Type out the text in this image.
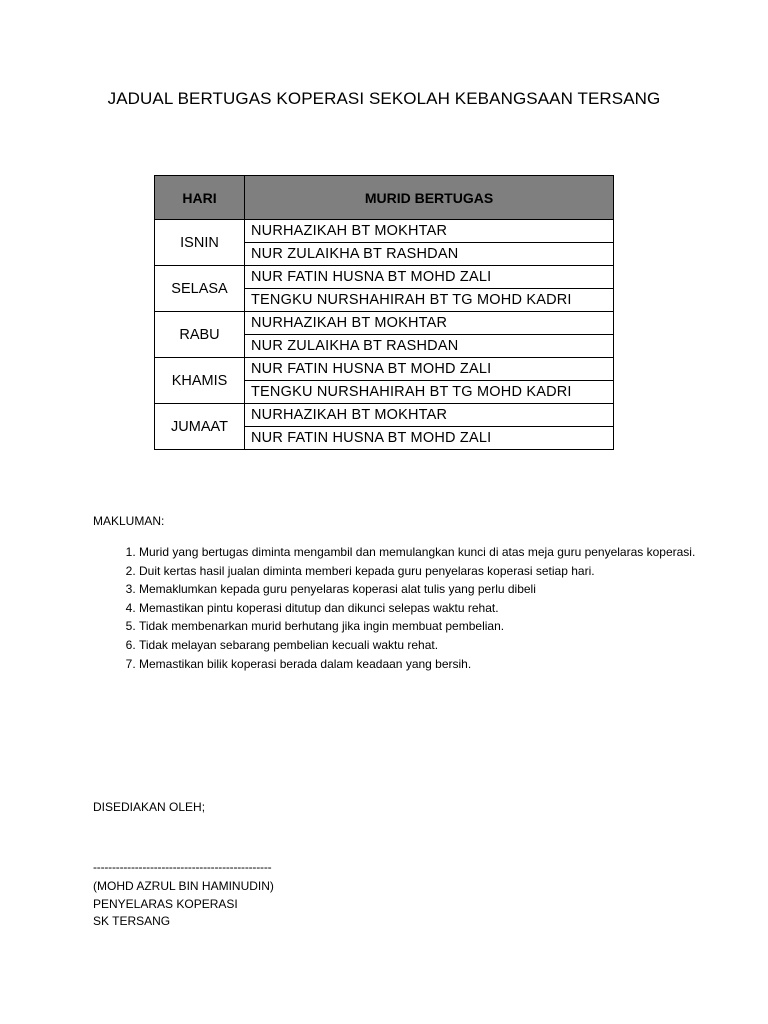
JADUAL BERTUGAS KOPERASI SEKOLAH KEBANGSAAN TERSANG
HARI	MURID BERTUGAS
ISNIN	NURHAZIKAH BT MOKHTAR
	NUR ZULAIKHA BT RASHDAN
SELASA	NUR FATIN HUSNA BT MOHD ZALI
	TENGKU NURSHAHIRAH BT TG MOHD KADRI
RABU	NURHAZIKAH BT MOKHTAR
	NUR ZULAIKHA BT RASHDAN
KHAMIS	NUR FATIN HUSNA BT MOHD ZALI
	TENGKU NURSHAHIRAH BT TG MOHD KADRI
JUMAAT	NURHAZIKAH BT MOKHTAR
	NUR FATIN HUSNA BT MOHD ZALI
MAKLUMAN:
1. Murid yang bertugas diminta mengambil dan memulangkan kunci di atas meja guru penyelaras koperasi.
2. Duit kertas hasil jualan diminta memberi kepada guru penyelaras koperasi setiap hari.
3. Memaklumkan kepada guru penyelaras koperasi alat tulis yang perlu dibeli
4. Memastikan pintu koperasi ditutup dan dikunci selepas waktu rehat.
5. Tidak membenarkan murid berhutang jika ingin membuat pembelian.
6. Tidak melayan sebarang pembelian kecuali waktu rehat.
7. Memastikan bilik koperasi berada dalam keadaan yang bersih.
DISEDIAKAN OLEH;
-----------------------------------------------
(MOHD AZRUL BIN HAMINUDIN)
PENYELARAS KOPERASI
SK TERSANG
